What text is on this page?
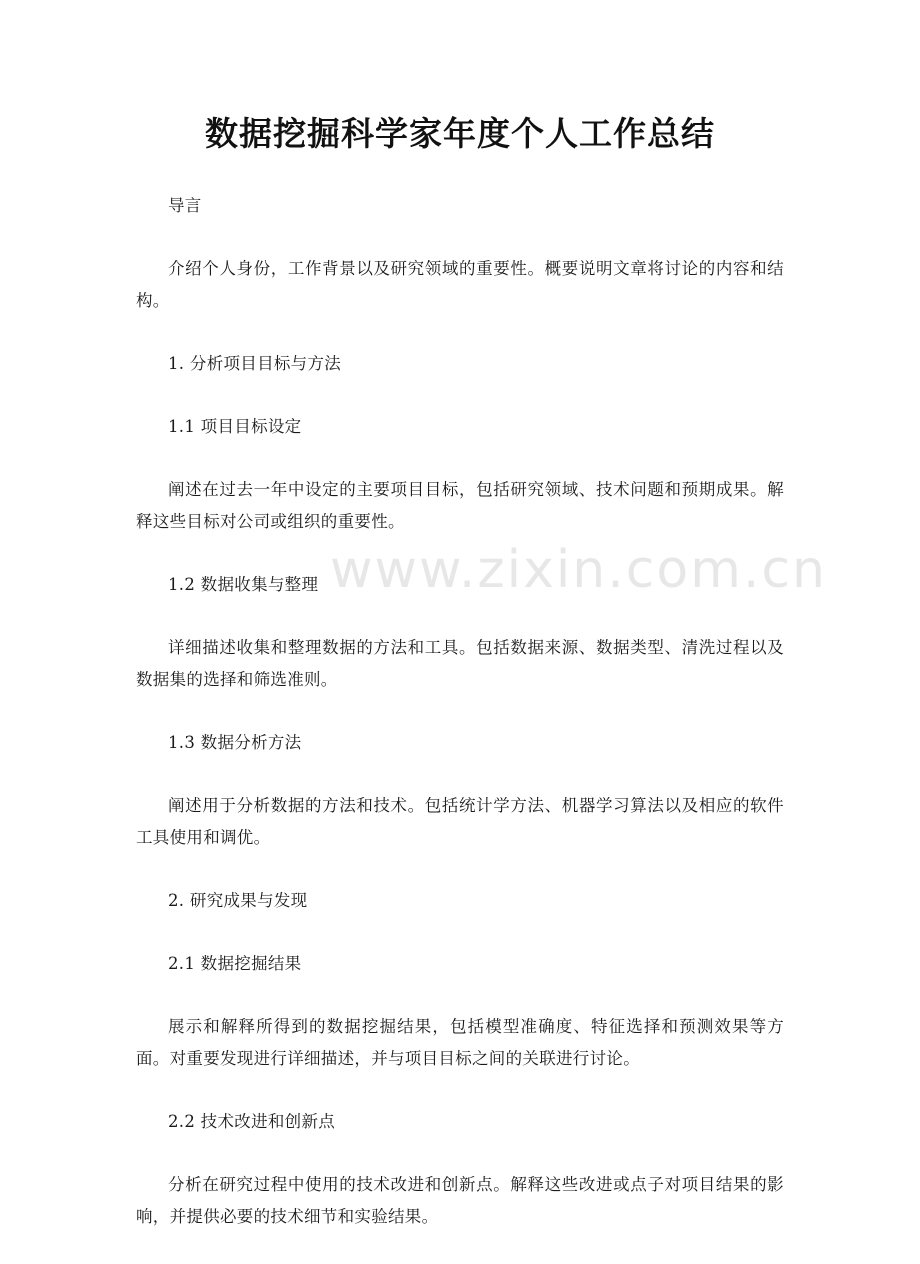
数据挖掘科学家年度个人工作总结
www.zixin.com.cn

导言

介绍个人身份，工作背景以及研究领域的重要性。概要说明文章将讨论的内容和结构。

1. 分析项目目标与方法

1.1 项目目标设定

阐述在过去一年中设定的主要项目目标，包括研究领域、技术问题和预期成果。解释这些目标对公司或组织的重要性。

1.2 数据收集与整理

详细描述收集和整理数据的方法和工具。包括数据来源、数据类型、清洗过程以及数据集的选择和筛选准则。

1.3 数据分析方法

阐述用于分析数据的方法和技术。包括统计学方法、机器学习算法以及相应的软件工具使用和调优。

2. 研究成果与发现

2.1 数据挖掘结果

展示和解释所得到的数据挖掘结果，包括模型准确度、特征选择和预测效果等方面。对重要发现进行详细描述，并与项目目标之间的关联进行讨论。

2.2 技术改进和创新点

分析在研究过程中使用的技术改进和创新点。解释这些改进或点子对项目结果的影响，并提供必要的技术细节和实验结果。
